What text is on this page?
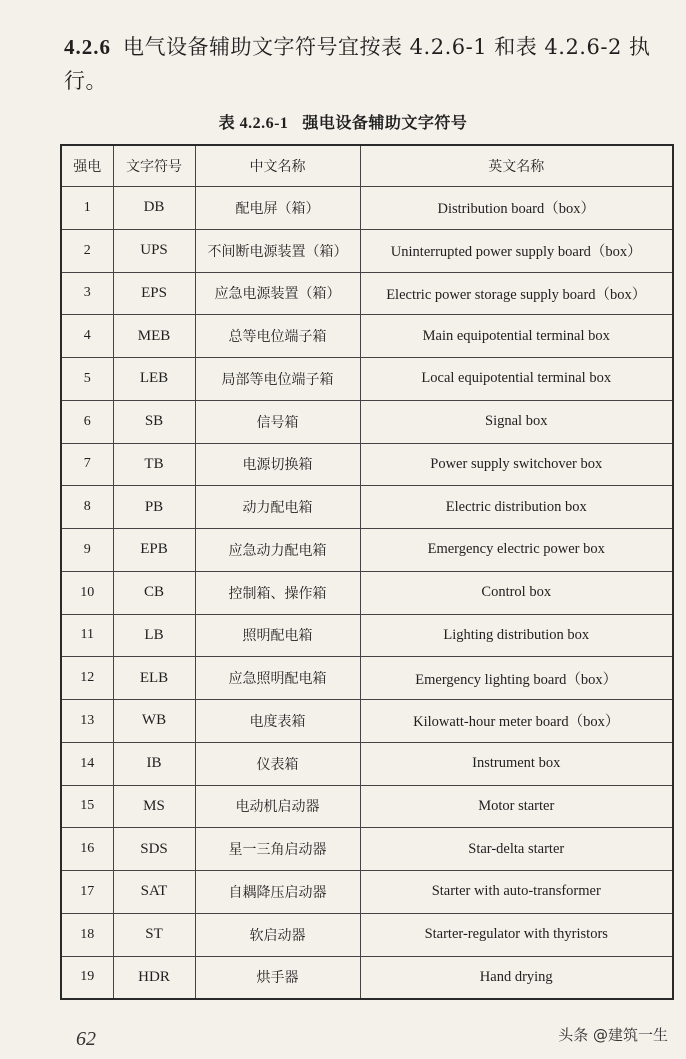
4.2.6 电气设备辅助文字符号宜按表 4.2.6-1 和表 4.2.6-2 执行。
表 4.2.6-1 强电设备辅助文字符号
强电	文字符号	中文名称	英文名称
1	DB	配电屏（箱）	Distribution board（box）
2	UPS	不间断电源装置（箱）	Uninterrupted power supply board（box）
3	EPS	应急电源装置（箱）	Electric power storage supply board（box）
4	MEB	总等电位端子箱	Main equipotential terminal box
5	LEB	局部等电位端子箱	Local equipotential terminal box
6	SB	信号箱	Signal box
7	TB	电源切换箱	Power supply switchover box
8	PB	动力配电箱	Electric distribution box
9	EPB	应急动力配电箱	Emergency electric power box
10	CB	控制箱、操作箱	Control box
11	LB	照明配电箱	Lighting distribution box
12	ELB	应急照明配电箱	Emergency lighting board（box）
13	WB	电度表箱	Kilowatt-hour meter board（box）
14	IB	仪表箱	Instrument box
15	MS	电动机启动器	Motor starter
16	SDS	星一三角启动器	Star-delta starter
17	SAT	自耦降压启动器	Starter with auto-transformer
18	ST	软启动器	Starter-regulator with thyristors
19	HDR	烘手器	Hand drying
62	头条 @建筑一生
